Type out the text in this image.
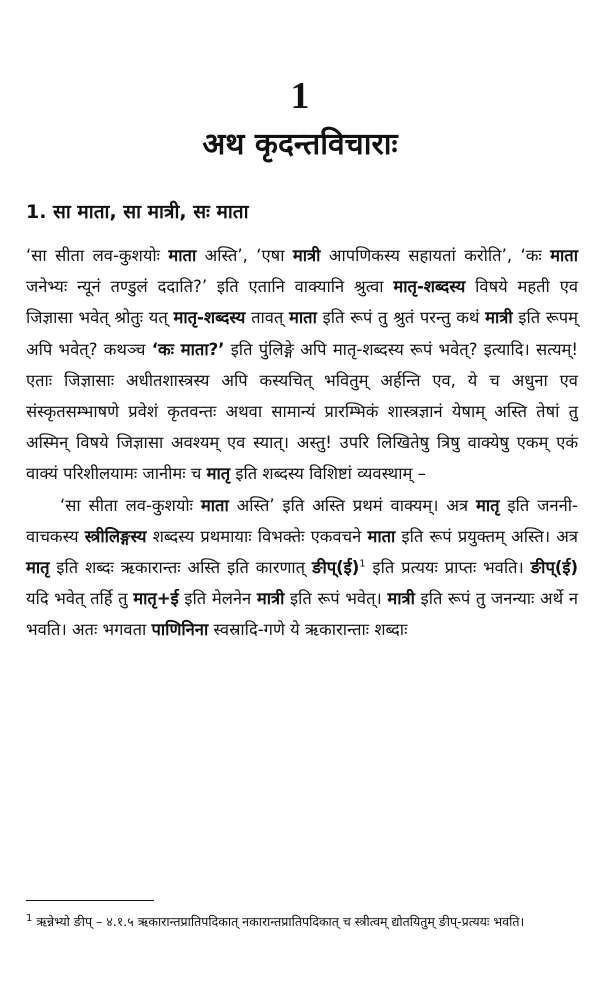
1
अथ कृदन्तविचाराः
1. सा माता, सा मात्री, सः माता

‘सा सीता लव-कुशयोः माता अस्ति’, ‘एषा मात्री आपणिकस्य सहायतां करोति’, ‘कः माता जनेभ्यः न्यूनं तण्डुलं ददाति?’ इति एतानि वाक्यानि श्रुत्वा मातृ-शब्दस्य विषये महती एव जिज्ञासा भवेत् श्रोतुः यत् मातृ-शब्दस्य तावत् माता इति रूपं तु श्रुतं परन्तु कथं मात्री इति रूपम् अपि भवेत्? कथञ्च ‘कः माता?’ इति पुंलिङ्गे अपि मातृ-शब्दस्य रूपं भवेत्? इत्यादि। सत्यम्! एताः जिज्ञासाः अधीतशास्त्रस्य अपि कस्यचित् भवितुम् अर्हन्ति एव, ये च अधुना एव संस्कृतसम्भाषणे प्रवेशं कृतवन्तः अथवा सामान्यं प्रारम्भिकं शास्त्रज्ञानं येषाम् अस्ति तेषां तु अस्मिन् विषये जिज्ञासा अवश्यम् एव स्यात्। अस्तु! उपरि लिखितेषु त्रिषु वाक्येषु एकम् एकं वाक्यं परिशीलयामः जानीमः च मातृ इति शब्दस्य विशिष्टां व्यवस्थाम् –

‘सा सीता लव-कुशयोः माता अस्ति’ इति अस्ति प्रथमं वाक्यम्। अत्र मातृ इति जननी-वाचकस्य स्त्रीलिङ्गस्य शब्दस्य प्रथमायाः विभक्तेः एकवचने माता इति रूपं प्रयुक्तम् अस्ति। अत्र मातृ इति शब्दः ऋकारान्तः अस्ति इति कारणात् ङीप्(ई)$^1$ इति प्रत्ययः प्राप्तः भवति। ङीप्(ई) यदि भवेत् तर्हि तु मातृ+ई इति मेलनेन मात्री इति रूपं भवेत्। मात्री इति रूपं तु जनन्याः अर्थे न भवति। अतः भगवता पाणिनिना स्वस्रादि-गणे ये ऋकारान्ताः शब्दाः

$^1$ ऋन्नेभ्यो ङीप् – ४.१.५ ऋकारान्तप्रातिपदिकात् नकारान्तप्रातिपदिकात् च स्त्रीत्वम् द्योतयितुम् ङीप्-प्रत्ययः भवति।
